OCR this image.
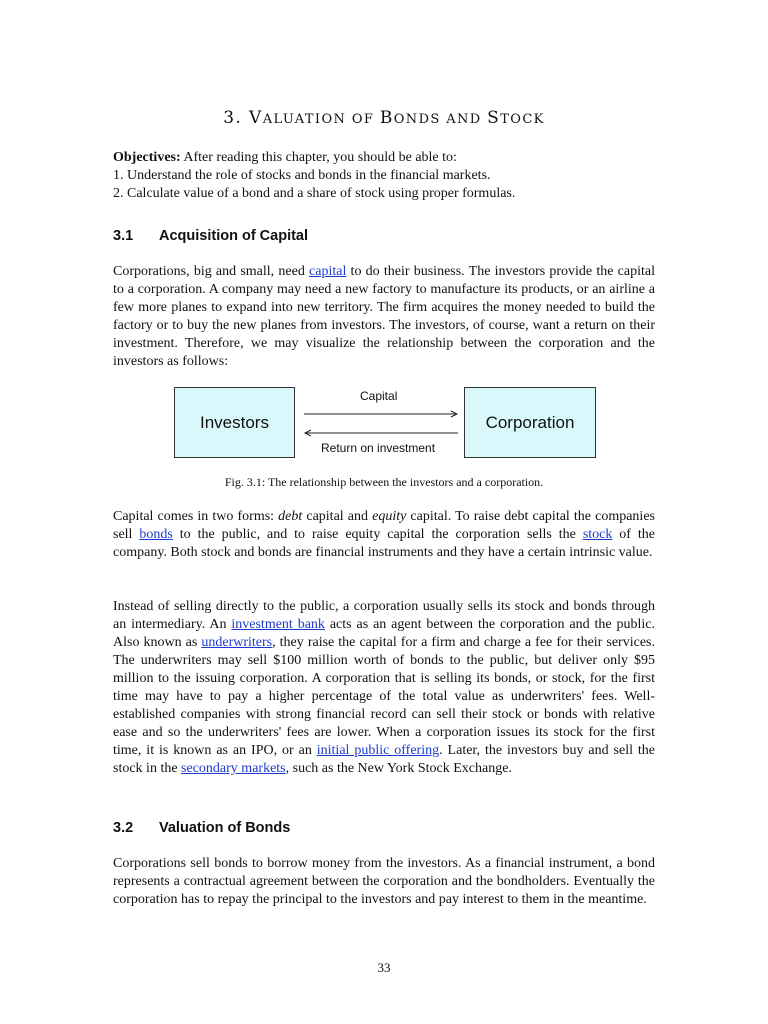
3. VALUATION OF BONDS AND STOCK

Objectives: After reading this chapter, you should be able to:

1. Understand the role of stocks and bonds in the financial markets.

2. Calculate value of a bond and a share of stock using proper formulas.

3.1 Acquisition of Capital

Corporations, big and small, need capital to do their business. The investors provide the capital to a corporation. A company may need a new factory to manufacture its products, or an airline a few more planes to expand into new territory. The firm acquires the money needed to build the factory or to buy the new planes from investors. The investors, of course, want a return on their investment. Therefore, we may visualize the relationship between the corporation and the investors as follows:

Investors	Corporation
Capital
Return on investment
Fig. 3.1: The relationship between the investors and a corporation.

Capital comes in two forms: debt capital and equity capital. To raise debt capital the companies sell bonds to the public, and to raise equity capital the corporation sells the stock of the company. Both stock and bonds are financial instruments and they have a certain intrinsic value.

Instead of selling directly to the public, a corporation usually sells its stock and bonds through an intermediary. An investment bank acts as an agent between the corporation and the public. Also known as underwriters, they raise the capital for a firm and charge a fee for their services. The underwriters may sell $100 million worth of bonds to the public, but deliver only $95 million to the issuing corporation. A corporation that is selling its bonds, or stock, for the first time may have to pay a higher percentage of the total value as underwriters' fees. Well-established companies with strong financial record can sell their stock or bonds with relative ease and so the underwriters' fees are lower. When a corporation issues its stock for the first time, it is known as an IPO, or an initial public offering. Later, the investors buy and sell the stock in the secondary markets, such as the New York Stock Exchange.

3.2 Valuation of Bonds

Corporations sell bonds to borrow money from the investors. As a financial instrument, a bond represents a contractual agreement between the corporation and the bondholders. Eventually the corporation has to repay the principal to the investors and pay interest to them in the meantime.

33
